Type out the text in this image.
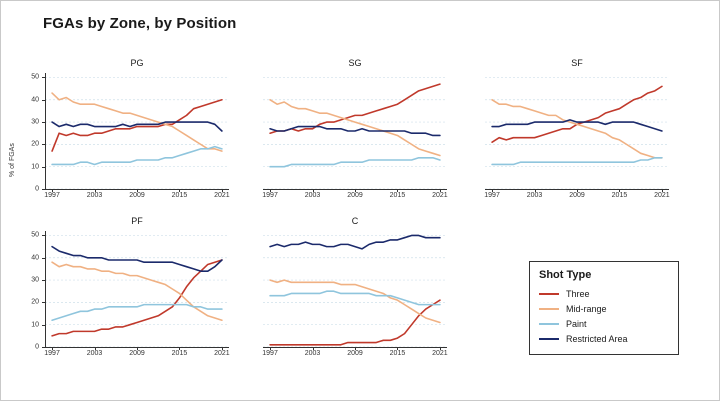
FGAs by Zone, by Position
% of FGAs
PG
1997	2003	2009	2015	2021
0
10
20
30
40
50
SG
1997	2003	2009	2015	2021
SF
1997	2003	2009	2015	2021
PF
1997	2003	2009	2015	2021
0
10
20
30
40
50
C
1997	2003	2009	2015	2021
Shot Type
Three
Mid-range
Paint
Restricted Area
